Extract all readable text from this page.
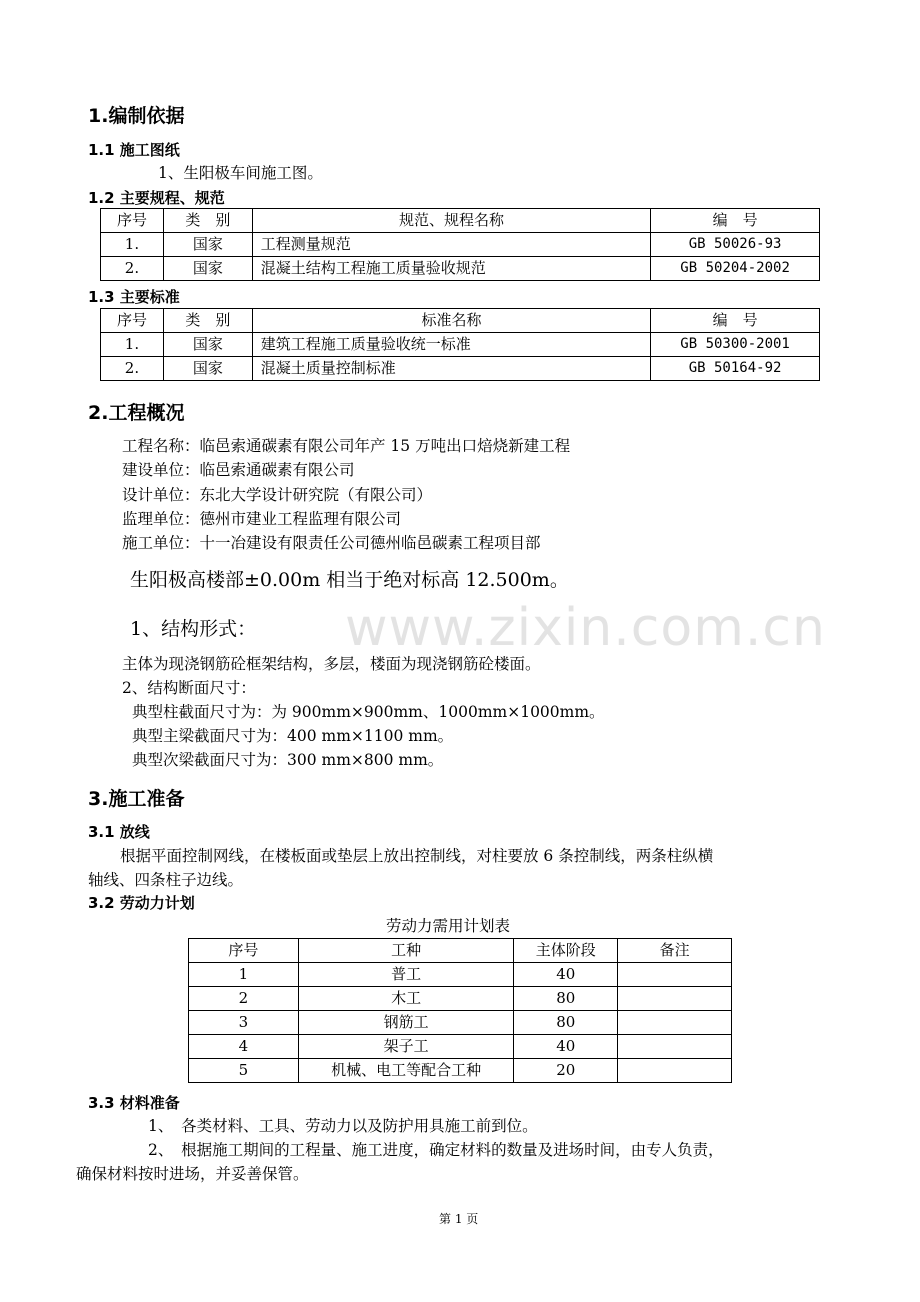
www.zixin.com.cn
1.编制依据
1.1 施工图纸
1、生阳极车间施工图。
1.2 主要规程、规范
序号	类　别	规范、规程名称	编　号
1.	国家	工程测量规范	GB 50026-93
2.	国家	混凝土结构工程施工质量验收规范	GB 50204-2002
1.3 主要标准
序号	类　别	标准名称	编　号
1.	国家	建筑工程施工质量验收统一标准	GB 50300-2001
2.	国家	混凝土质量控制标准	GB 50164-92
2.工程概况
工程名称：临邑索通碳素有限公司年产 15 万吨出口焙烧新建工程
建设单位：临邑索通碳素有限公司
设计单位：东北大学设计研究院（有限公司）
监理单位：德州市建业工程监理有限公司
施工单位：十一冶建设有限责任公司德州临邑碳素工程项目部
生阳极高楼部±0.00m 相当于绝对标高 12.500m。
1、结构形式：
主体为现浇钢筋砼框架结构，多层，楼面为现浇钢筋砼楼面。
2、结构断面尺寸：
典型柱截面尺寸为：为 900mm×900mm、1000mm×1000mm。
典型主梁截面尺寸为：400 mm×1100 mm。
典型次梁截面尺寸为：300 mm×800 mm。
3.施工准备
3.1 放线
根据平面控制网线，在楼板面或垫层上放出控制线，对柱要放 6 条控制线，两条柱纵横
轴线、四条柱子边线。
3.2 劳动力计划
劳动力需用计划表
序号	工种	主体阶段	备注
1	普工	40	
2	木工	80	
3	钢筋工	80	
4	架子工	40	
5	机械、电工等配合工种	20	
3.3 材料准备
1、　各类材料、工具、劳动力以及防护用具施工前到位。
2、　根据施工期间的工程量、施工进度，确定材料的数量及进场时间，由专人负责，
确保材料按时进场，并妥善保管。
第 1 页
